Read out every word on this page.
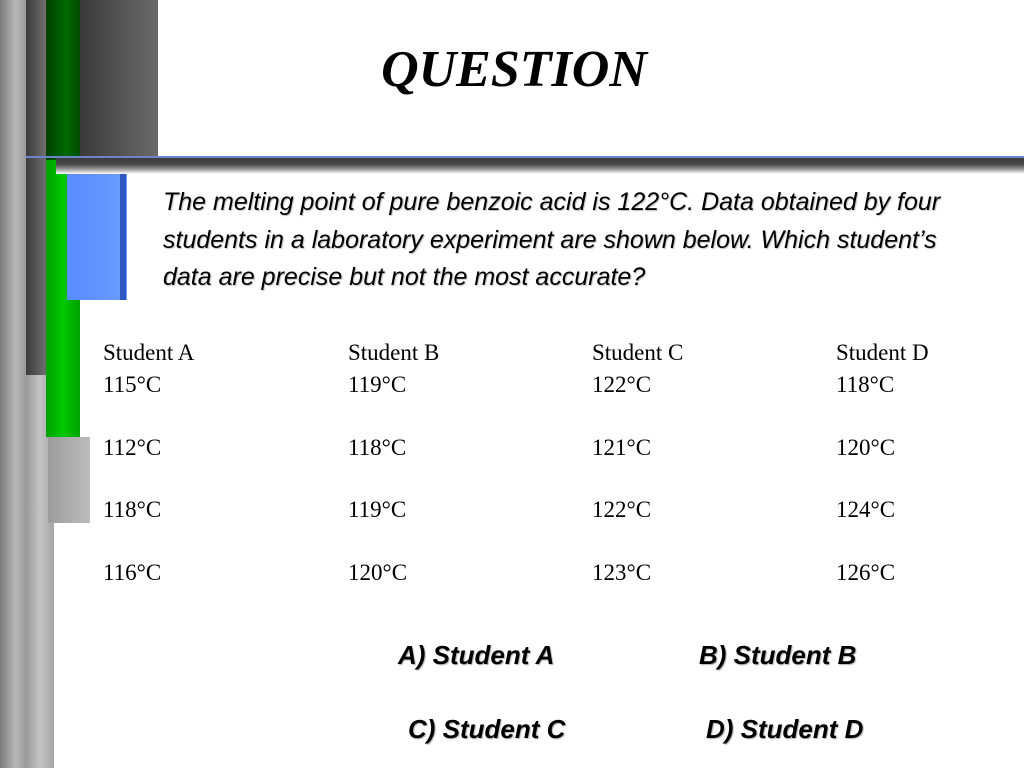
QUESTION
The melting point of pure benzoic acid is 122°C. Data obtained by four students in a laboratory experiment are shown below. Which student’s data are precise but not the most accurate?
Student A
115°C
112°C
118°C
116°C
Student B
119°C
118°C
119°C
120°C
Student C
122°C
121°C
122°C
123°C
Student D
118°C
120°C
124°C
126°C
A) Student A	B) Student B
C) Student C	D) Student D
